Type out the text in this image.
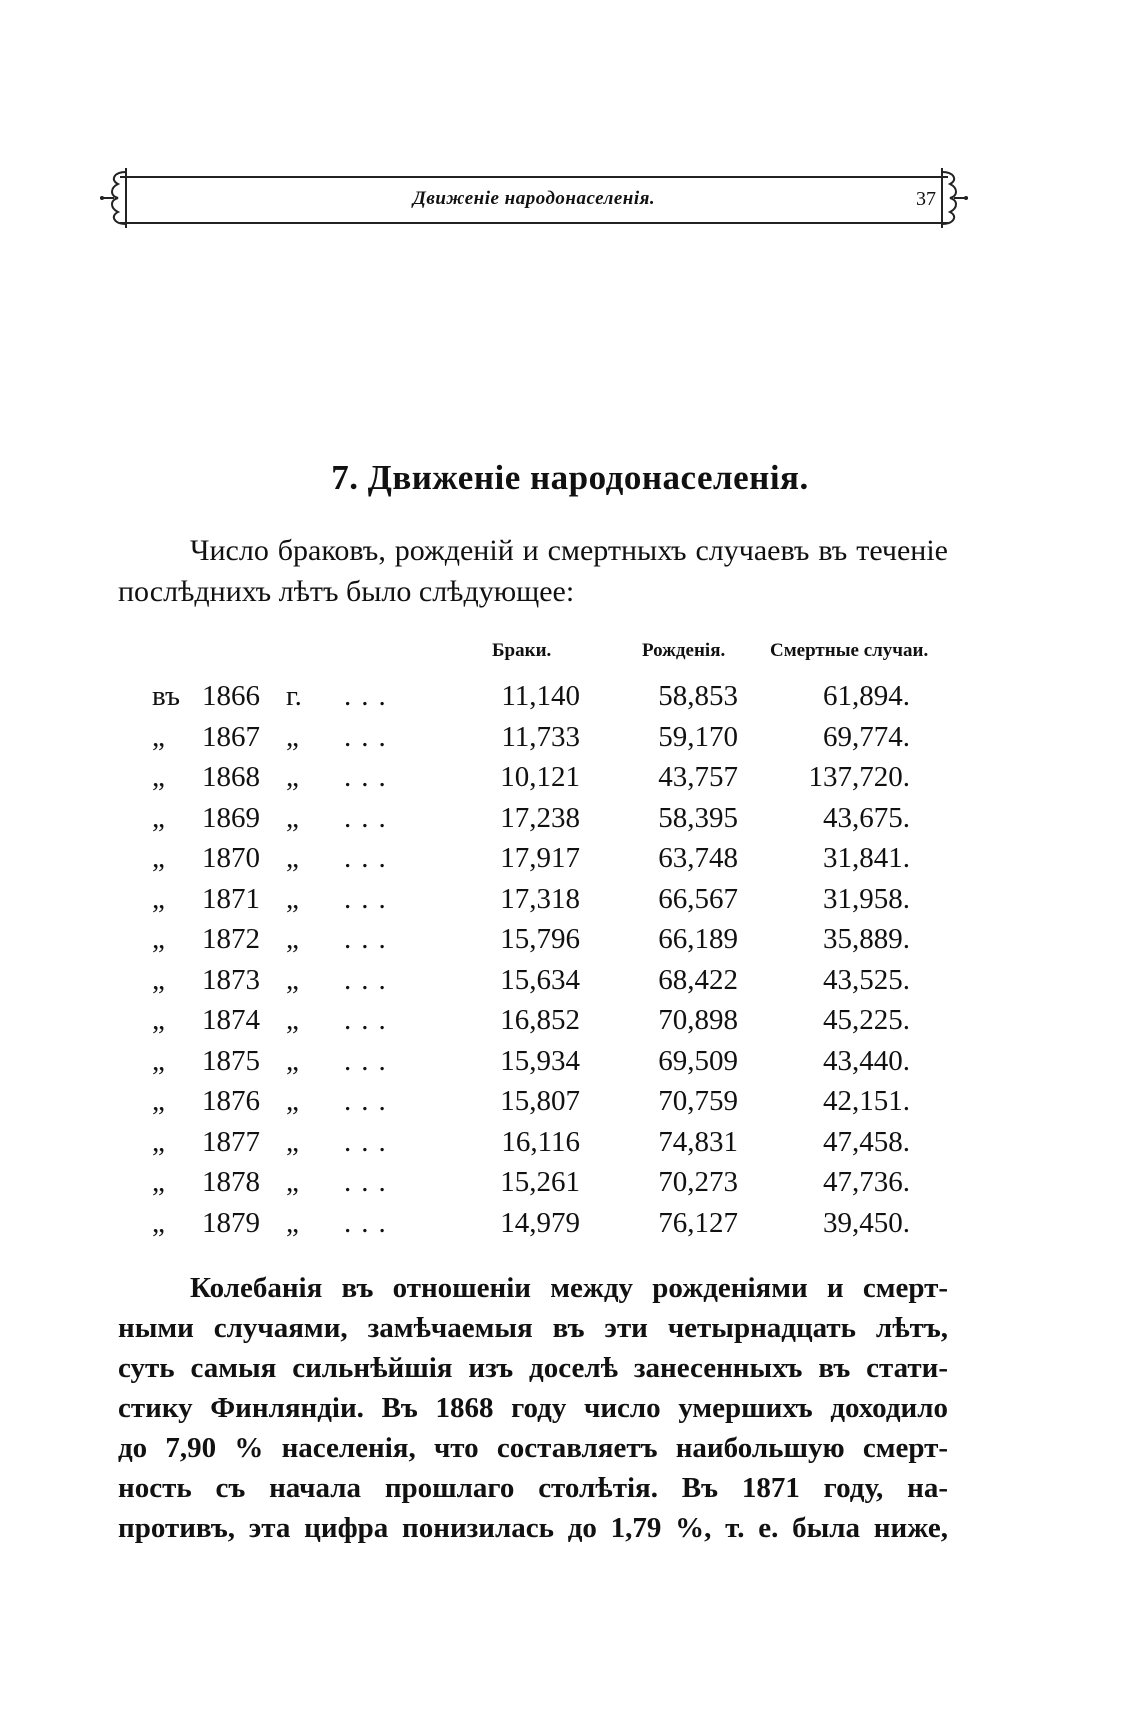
Движеніе народонаселенія.	37
7. Движеніе народонаселенія.

Число браковъ, рожденій и смертныхъ случаевъ въ теченіе послѣднихъ лѣтъ было слѣдующее:

Браки.	Рожденія. Смертные случаи.
въ 1866 г.	...	11,140	58,853	61,894.
„	1867 „	...	11,733	59,170	69,774.
„	1868 „	...	10,121	43,757	137,720.
„	1869 „	...	17,238	58,395	43,675.
„	1870 „	...	17,917	63,748	31,841.
„	1871 „	...	17,318	66,567	31,958.
„	1872 „	...	15,796	66,189	35,889.
„	1873 „	...	15,634	68,422	43,525.
„	1874 „	...	16,852	70,898	45,225.
„	1875 „	...	15,934	69,509	43,440.
„	1876 „	...	15,807	70,759	42,151.
„	1877 „	...	16,116	74,831	47,458.
„	1878 „	...	15,261	70,273	47,736.
„	1879 „	...	14,979	76,127	39,450.
Колебанія въ отношеніи между рожденіями и смерт-
ными случаями, замѣчаемыя въ эти четырнадцать лѣтъ,
суть самыя сильнѣйшія изъ доселѣ занесенныхъ въ стати-
стику Финляндіи. Въ 1868 году число умершихъ доходило
до 7,90 % населенія, что составляетъ наибольшую смерт-
ность съ начала прошлаго столѣтія. Въ 1871 году, на-
противъ, эта цифра понизилась до 1,79 %, т. е. была ниже,
